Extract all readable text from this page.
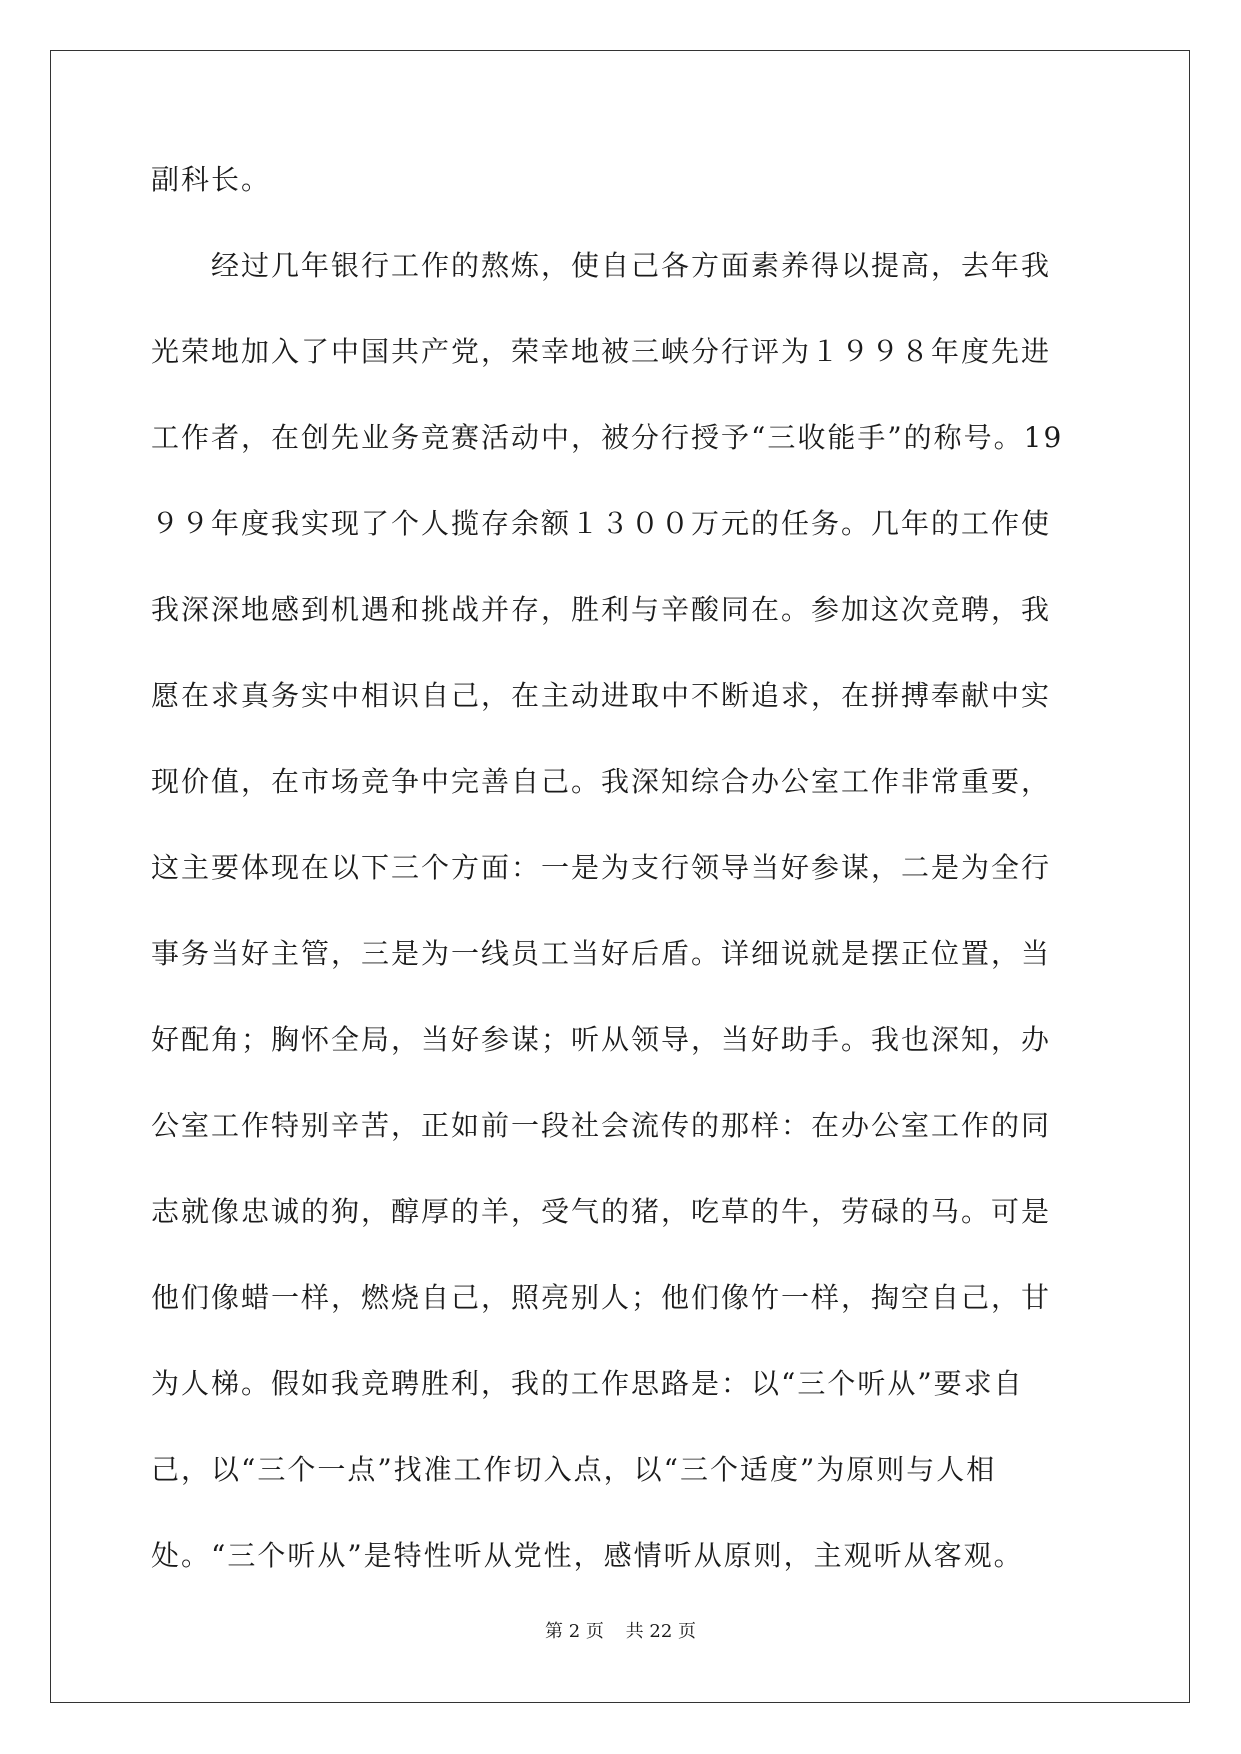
副科长。
　　经过几年银行工作的熬炼，使自己各方面素养得以提高，去年我
光荣地加入了中国共产党，荣幸地被三峡分行评为１９９８年度先进
工作者，在创先业务竞赛活动中，被分行授予“三收能手”的称号。19
９９年度我实现了个人揽存余额１３００万元的任务。几年的工作使
我深深地感到机遇和挑战并存，胜利与辛酸同在。参加这次竞聘，我
愿在求真务实中相识自己，在主动进取中不断追求，在拼搏奉献中实
现价值，在市场竞争中完善自己。我深知综合办公室工作非常重要，
这主要体现在以下三个方面：一是为支行领导当好参谋，二是为全行
事务当好主管，三是为一线员工当好后盾。详细说就是摆正位置，当
好配角；胸怀全局，当好参谋；听从领导，当好助手。我也深知，办
公室工作特别辛苦，正如前一段社会流传的那样：在办公室工作的同
志就像忠诚的狗，醇厚的羊，受气的猪，吃草的牛，劳碌的马。可是
他们像蜡一样，燃烧自己，照亮别人；他们像竹一样，掏空自己，甘
为人梯。假如我竞聘胜利，我的工作思路是：以“三个听从”要求自
己，以“三个一点”找准工作切入点，以“三个适度”为原则与人相
处。“三个听从”是特性听从党性，感情听从原则，主观听从客观。
第 2 页 共 22 页
